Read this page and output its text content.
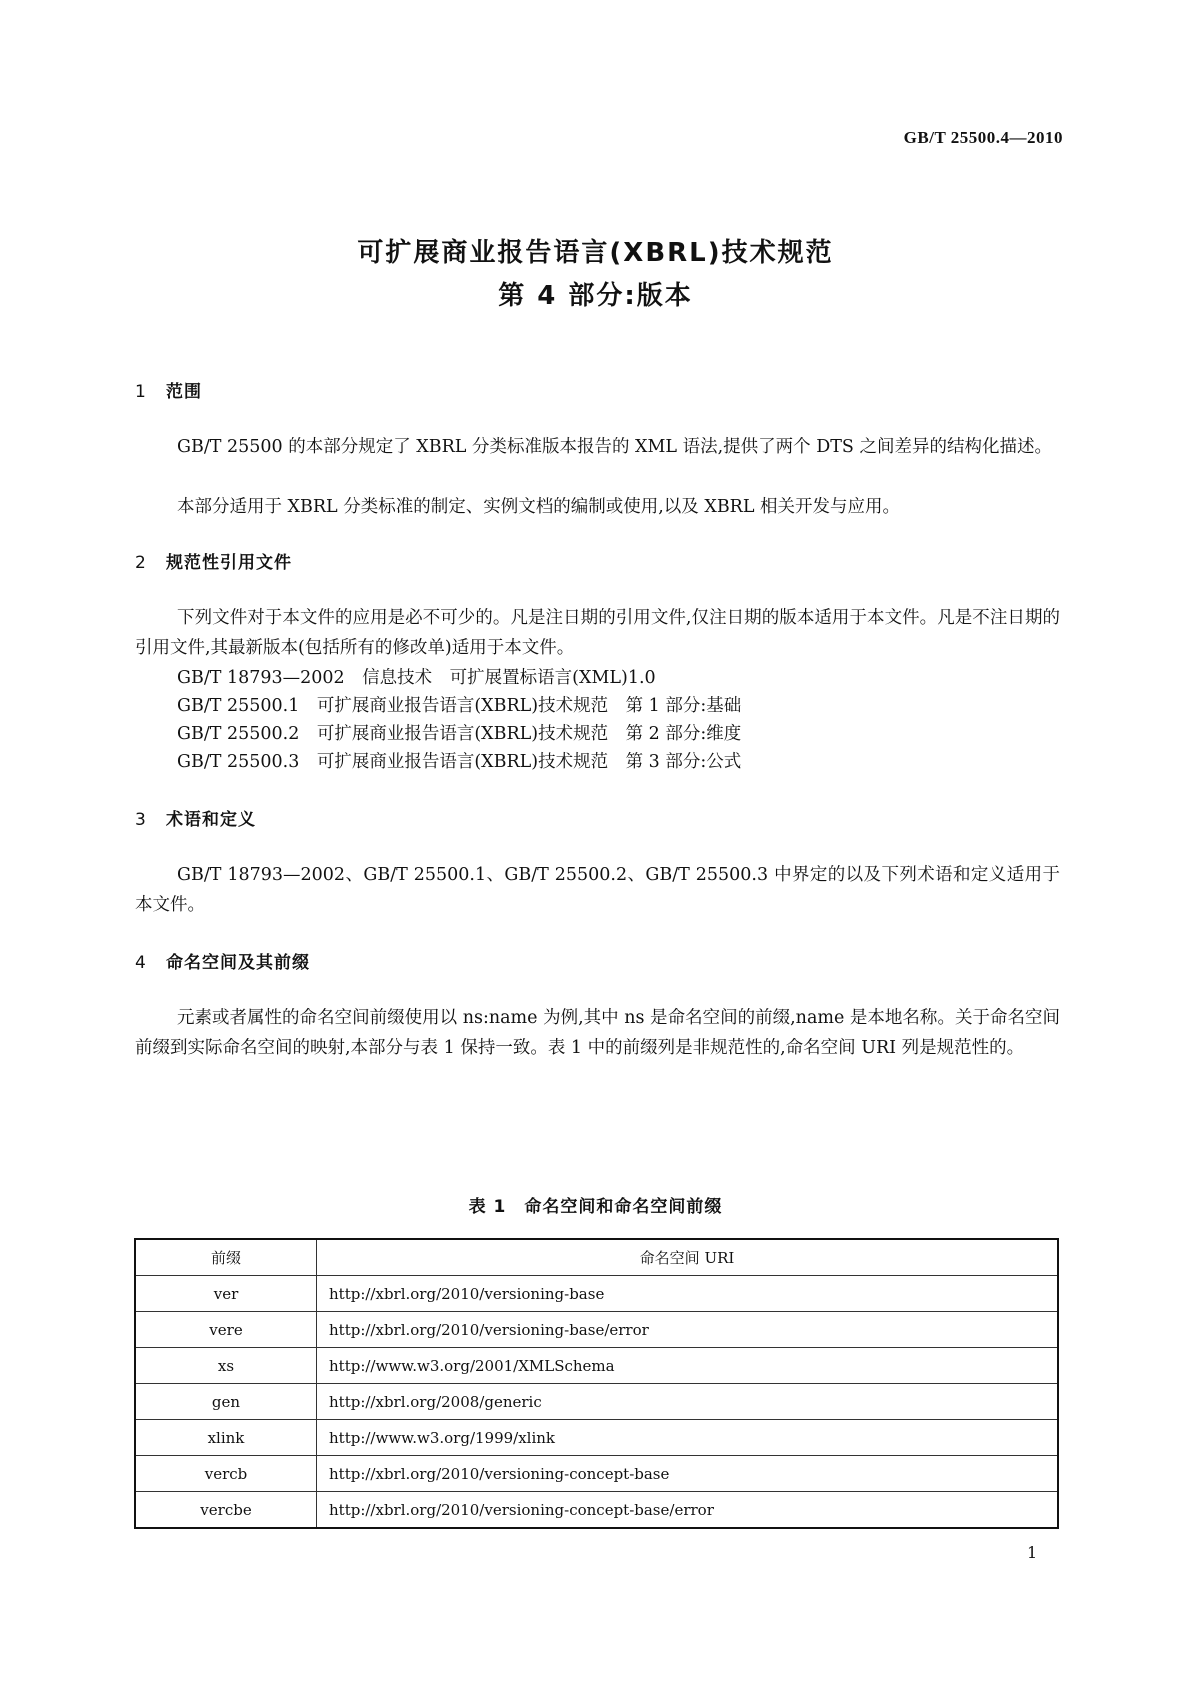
GB/T 25500.4—2010
可扩展商业报告语言(XBRL)技术规范
第 4 部分:版本
1 范围
GB/T 25500 的本部分规定了 XBRL 分类标准版本报告的 XML 语法,提供了两个 DTS 之间差异的结构化描述。
本部分适用于 XBRL 分类标准的制定、实例文档的编制或使用,以及 XBRL 相关开发与应用。
2 规范性引用文件
下列文件对于本文件的应用是必不可少的。凡是注日期的引用文件,仅注日期的版本适用于本文件。凡是不注日期的引用文件,其最新版本(包括所有的修改单)适用于本文件。
GB/T 18793—2002　信息技术　可扩展置标语言(XML)1.0
GB/T 25500.1　可扩展商业报告语言(XBRL)技术规范　第 1 部分:基础
GB/T 25500.2　可扩展商业报告语言(XBRL)技术规范　第 2 部分:维度
GB/T 25500.3　可扩展商业报告语言(XBRL)技术规范　第 3 部分:公式
3 术语和定义
GB/T 18793—2002、GB/T 25500.1、GB/T 25500.2、GB/T 25500.3 中界定的以及下列术语和定义适用于本文件。
4 命名空间及其前缀
元素或者属性的命名空间前缀使用以 ns:name 为例,其中 ns 是命名空间的前缀,name 是本地名称。关于命名空间前缀到实际命名空间的映射,本部分与表 1 保持一致。表 1 中的前缀列是非规范性的,命名空间 URI 列是规范性的。
表 1　命名空间和命名空间前缀
前缀	命名空间 URI
ver	http://xbrl.org/2010/versioning-base
vere	http://xbrl.org/2010/versioning-base/error
xs	http://www.w3.org/2001/XMLSchema
gen	http://xbrl.org/2008/generic
xlink	http://www.w3.org/1999/xlink
vercb	http://xbrl.org/2010/versioning-concept-base
vercbe	http://xbrl.org/2010/versioning-concept-base/error
1
